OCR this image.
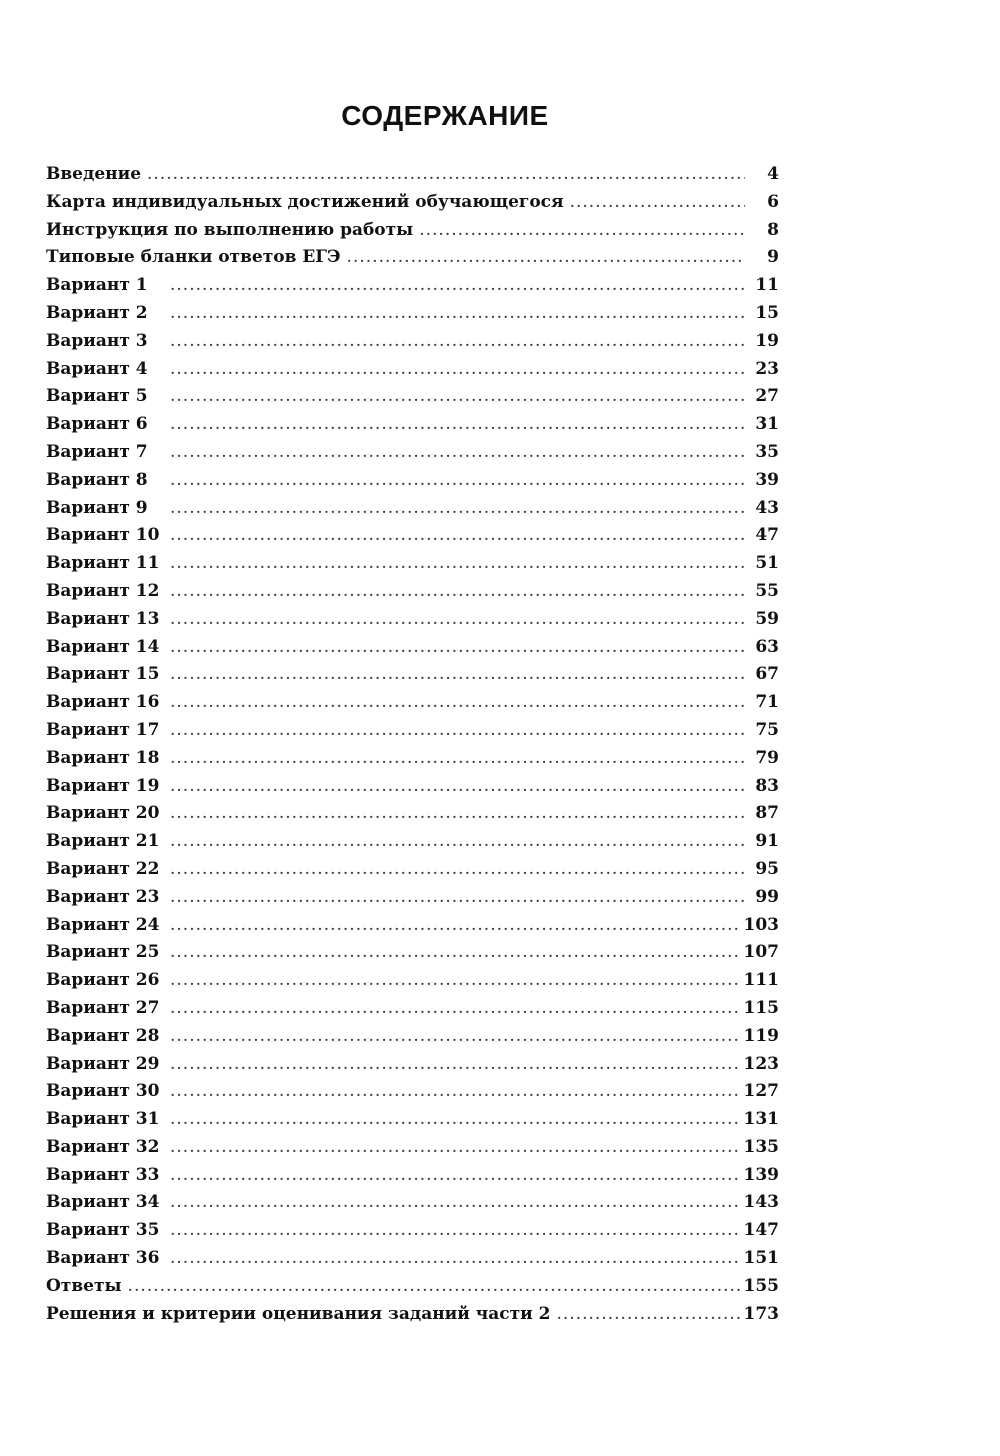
СОДЕРЖАНИЕ
Введение .....	4
Карта индивидуальных достижений обучающегося .....	6
Инструкция по выполнению работы .....	8
Типовые бланки ответов ЕГЭ .....	9
Вариант 1 .....	11
Вариант 2 .....	15
Вариант 3 .....	19
Вариант 4 .....	23
Вариант 5 .....	27
Вариант 6 .....	31
Вариант 7 .....	35
Вариант 8 .....	39
Вариант 9 .....	43
Вариант 10 .....	47
Вариант 11 .....	51
Вариант 12 .....	55
Вариант 13 .....	59
Вариант 14 .....	63
Вариант 15 .....	67
Вариант 16 .....	71
Вариант 17 .....	75
Вариант 18 .....	79
Вариант 19 .....	83
Вариант 20 .....	87
Вариант 21 .....	91
Вариант 22 .....	95
Вариант 23 .....	99
Вариант 24 .....	103
Вариант 25 .....	107
Вариант 26 .....	111
Вариант 27 .....	115
Вариант 28 .....	119
Вариант 29 .....	123
Вариант 30 .....	127
Вариант 31 .....	131
Вариант 32 .....	135
Вариант 33 .....	139
Вариант 34 .....	143
Вариант 35 .....	147
Вариант 36 .....	151
Ответы .....	155
Решения и критерии оценивания заданий части 2 .....	173
